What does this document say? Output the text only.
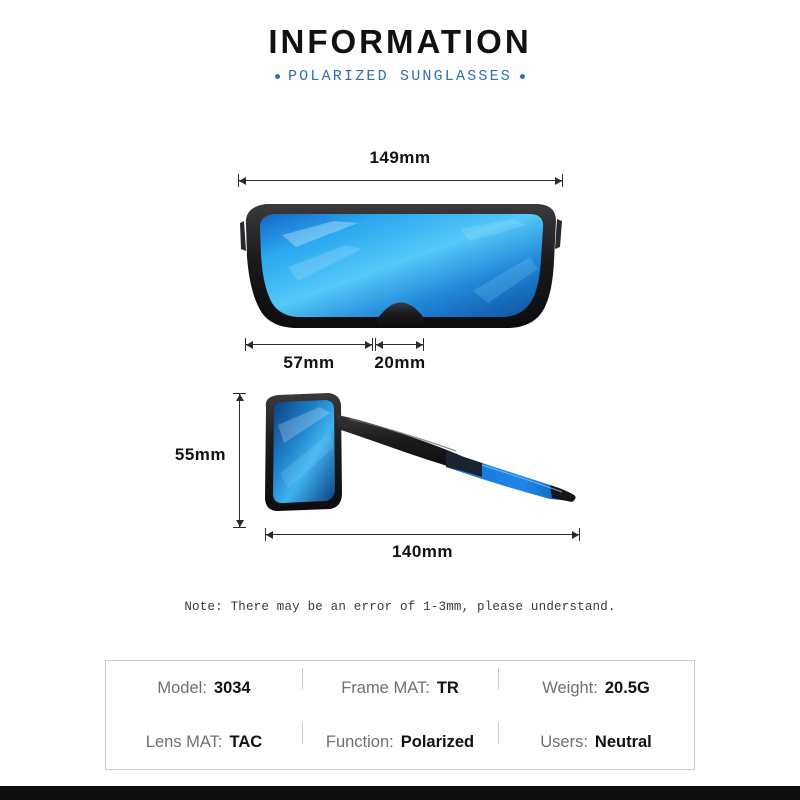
INFORMATION
POLARIZED SUNGLASSES
149mm
57mm	20mm
55mm
140mm
Note: There may be an error of 1-3mm, please understand.
Model: 3034	Frame MAT: TR	Weight: 20.5G
Lens MAT: TAC	Function: Polarized	Users: Neutral
